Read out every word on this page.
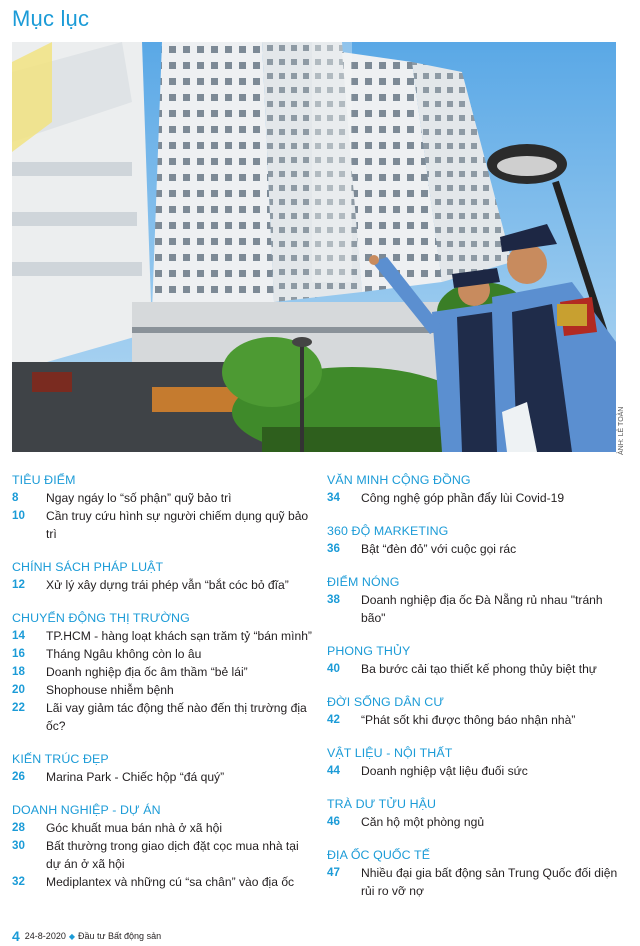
Mục lục
ẢNH: LÊ TOÀN
TIÊU ĐIỂM
8	Ngay ngáy lo “số phận” quỹ bảo trì
10	Cần truy cứu hình sự người chiếm dụng quỹ bảo trì
CHÍNH SÁCH PHÁP LUẬT
12	Xử lý xây dựng trái phép vẫn “bắt cóc bỏ đĩa”
CHUYỂN ĐỘNG THỊ TRƯỜNG
14	TP.HCM - hàng loạt khách sạn trăm tỷ “bán mình”
16	Tháng Ngâu không còn lo âu
18	Doanh nghiệp địa ốc âm thầm “bẻ lái”
20	Shophouse nhiễm bệnh
22	Lãi vay giảm tác động thế nào đến thị trường địa ốc?
KIẾN TRÚC ĐẸP
26	Marina Park - Chiếc hộp “đá quý”
DOANH NGHIỆP - DỰ ÁN
28	Góc khuất mua bán nhà ở xã hội
30	Bất thường trong giao dịch đặt cọc mua nhà tại dự án ở xã hội
32	Mediplantex và những cú “sa chân” vào địa ốc
VĂN MINH CỘNG ĐỒNG
34	Công nghệ góp phần đẩy lùi Covid-19
360 ĐỘ MARKETING
36	Bật “đèn đỏ” với cuộc gọi rác
ĐIỂM NÓNG
38	Doanh nghiệp địa ốc Đà Nẵng rủ nhau "tránh bão"
PHONG THỦY
40	Ba bước cải tạo thiết kế phong thủy biệt thự
ĐỜI SỐNG DÂN CƯ
42	“Phát sốt khi được thông báo nhận nhà”
VẬT LIỆU - NỘI THẤT
44	Doanh nghiệp vật liệu đuối sức
TRÀ DƯ TỬU HẬU
46	Căn hộ một phòng ngủ
ĐỊA ỐC QUỐC TẾ
47	Nhiều đại gia bất động sản Trung Quốc đối diện rủi ro vỡ nợ
4 24-8-2020 ◆ Đầu tư Bất động sản
